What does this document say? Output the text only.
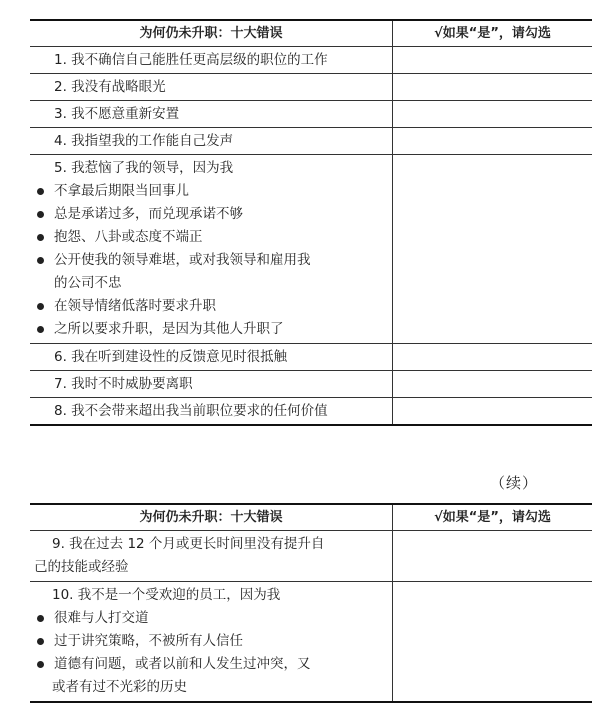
为何仍未升职：十大错误	√如果“是”，请勾选
1. 我不确信自己能胜任更高层级的职位的工作
2. 我没有战略眼光
3. 我不愿意重新安置
4. 我指望我的工作能自己发声
5. 我惹恼了我的领导，因为我
不拿最后期限当回事儿
总是承诺过多，而兑现承诺不够
抱怨、八卦或态度不端正
公开使我的领导难堪，或对我领导和雇用我
的公司不忠
在领导情绪低落时要求升职
之所以要求升职，是因为其他人升职了
6. 我在听到建设性的反馈意见时很抵触
7. 我时不时威胁要离职
8. 我不会带来超出我当前职位要求的任何价值
（续）
为何仍未升职：十大错误	√如果“是”，请勾选
9. 我在过去 12 个月或更长时间里没有提升自
己的技能或经验
10. 我不是一个受欢迎的员工，因为我
很难与人打交道
过于讲究策略，不被所有人信任
道德有问题，或者以前和人发生过冲突，又
或者有过不光彩的历史
